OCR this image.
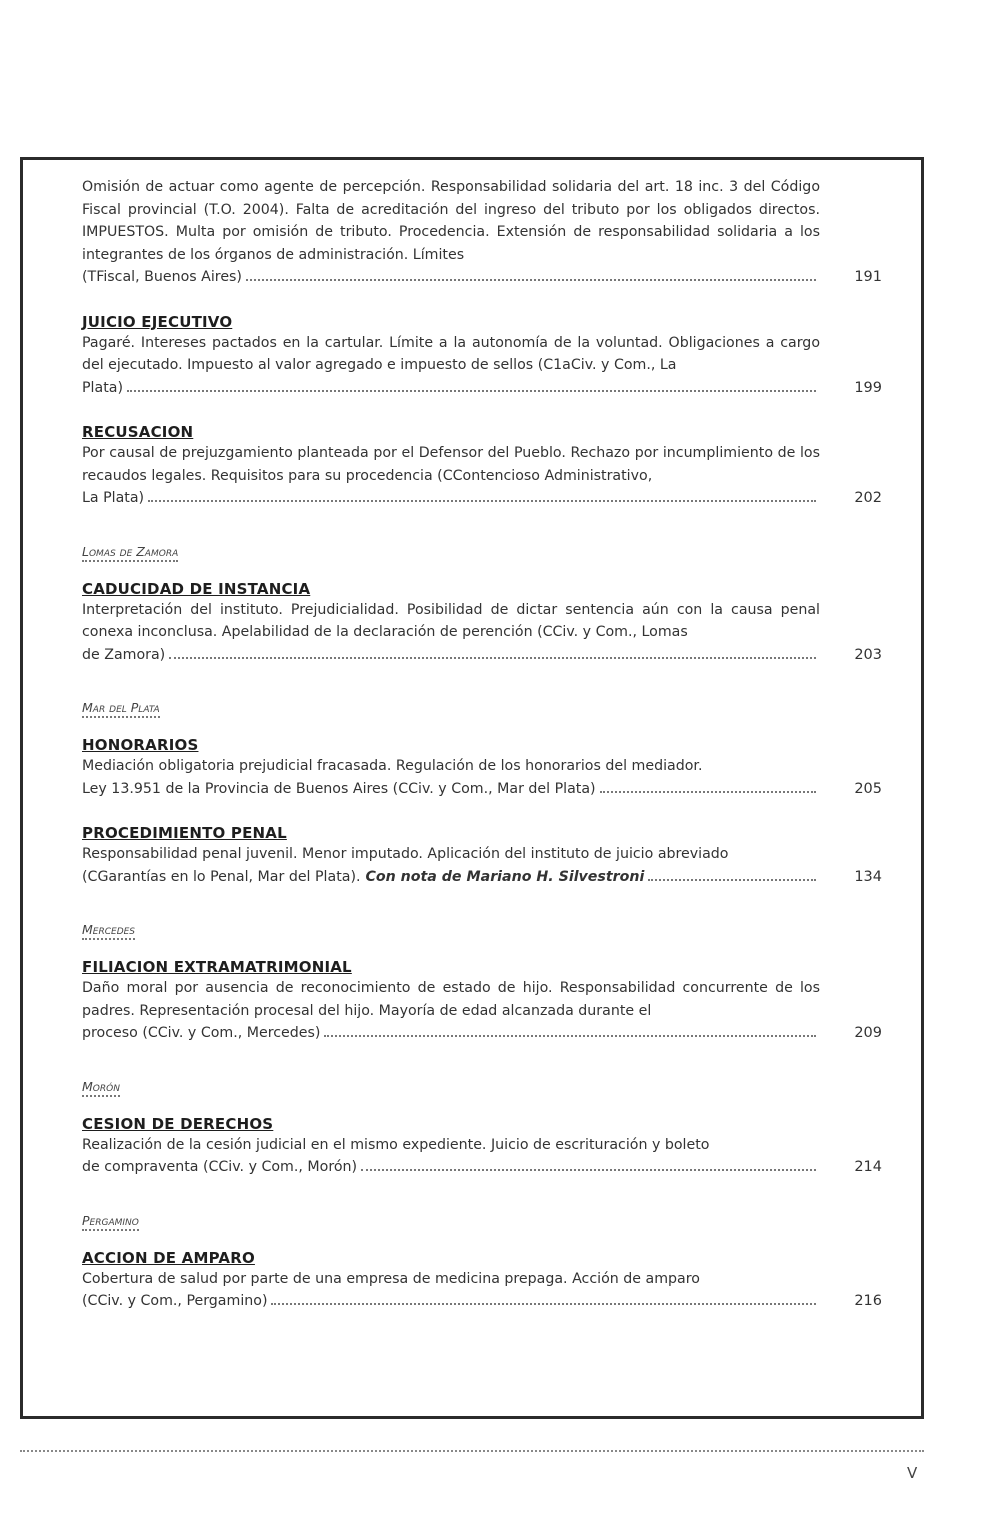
Omisión de actuar como agente de percepción. Responsabilidad solidaria del art. 18 inc. 3 del Código Fiscal provincial (T.O. 2004). Falta de acreditación del ingreso del tributo por los obligados directos. IMPUESTOS. Multa por omisión de tributo. Procedencia. Extensión de responsabilidad solidaria a los integrantes de los órganos de administración. Límites
(TFiscal, Buenos Aires)	191
JUICIO EJECUTIVO
Pagaré. Intereses pactados en la cartular. Límite a la autonomía de la voluntad. Obligaciones a cargo del ejecutado. Impuesto al valor agregado e impuesto de sellos (C1aCiv. y Com., La
Plata)	199
RECUSACION
Por causal de prejuzgamiento planteada por el Defensor del Pueblo. Rechazo por incumplimiento de los recaudos legales. Requisitos para su procedencia (CContencioso Administrativo,
La Plata)	202
Lomas de Zamora
CADUCIDAD DE INSTANCIA
Interpretación del instituto. Prejudicialidad. Posibilidad de dictar sentencia aún con la causa penal conexa inconclusa. Apelabilidad de la declaración de perención (CCiv. y Com., Lomas
de Zamora)	203
Mar del Plata
HONORARIOS
Mediación obligatoria prejudicial fracasada. Regulación de los honorarios del mediador.
Ley 13.951 de la Provincia de Buenos Aires (CCiv. y Com., Mar del Plata)	205
PROCEDIMIENTO PENAL
Responsabilidad penal juvenil. Menor imputado. Aplicación del instituto de juicio abreviado
(CGarantías en lo Penal, Mar del Plata). Con nota de Mariano H. Silvestroni	134
Mercedes
FILIACION EXTRAMATRIMONIAL
Daño moral por ausencia de reconocimiento de estado de hijo. Responsabilidad concurrente de los padres. Representación procesal del hijo. Mayoría de edad alcanzada durante el
proceso (CCiv. y Com., Mercedes)	209
Morón
CESION DE DERECHOS
Realización de la cesión judicial en el mismo expediente. Juicio de escrituración y boleto
de compraventa (CCiv. y Com., Morón)	214
Pergamino
ACCION DE AMPARO
Cobertura de salud por parte de una empresa de medicina prepaga. Acción de amparo
(CCiv. y Com., Pergamino)	216
V
